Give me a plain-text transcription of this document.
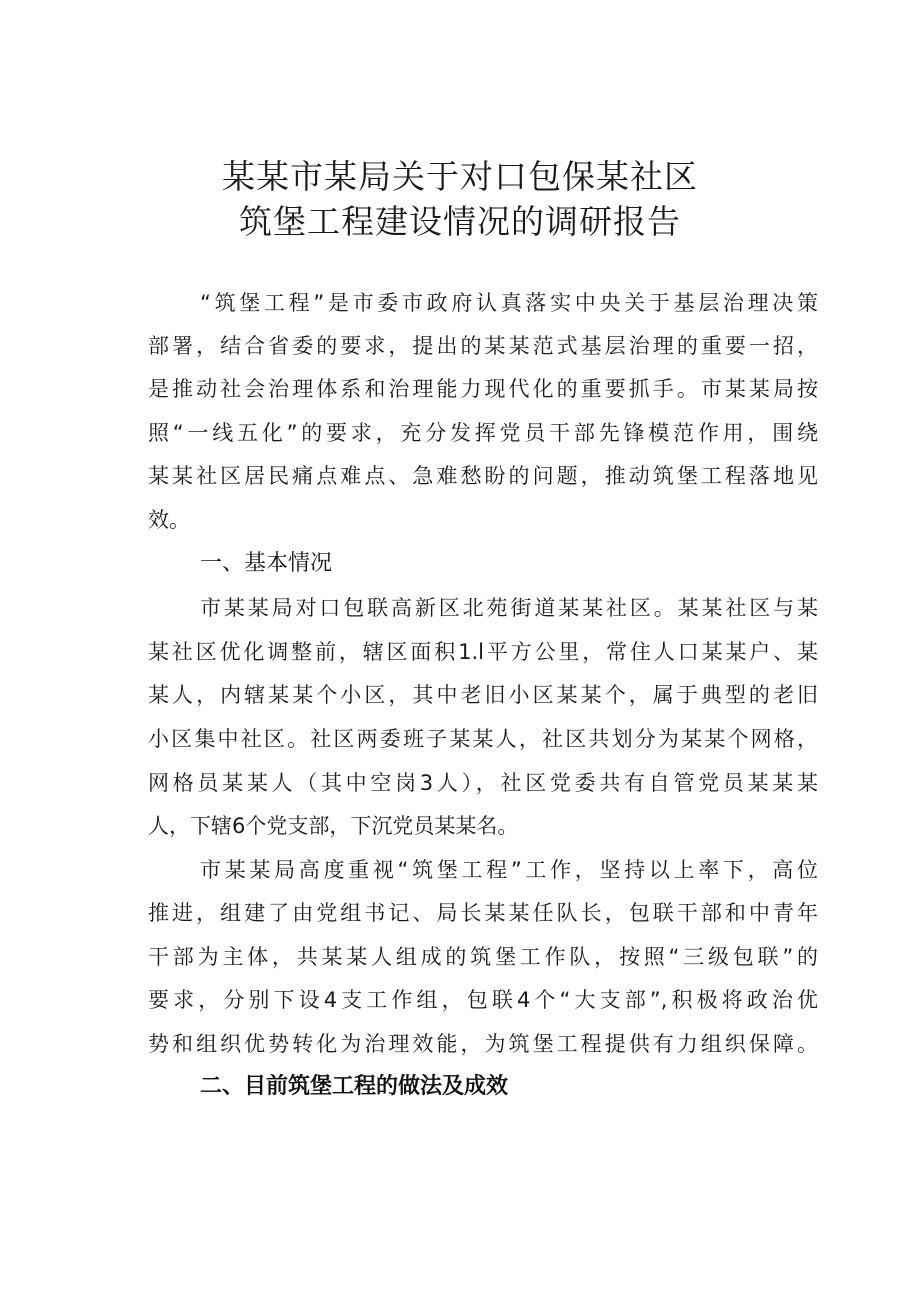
某某市某局关于对口包保某社区
筑堡工程建设情况的调研报告
“筑堡工程”是市委市政府认真落实中央关于基层治理决策
部署，结合省委的要求，提出的某某范式基层治理的重要一招，
是推动社会治理体系和治理能力现代化的重要抓手。市某某局按
照“一线五化”的要求，充分发挥党员干部先锋模范作用，围绕
某某社区居民痛点难点、急难愁盼的问题，推动筑堡工程落地见
效。
一、基本情况
市某某局对口包联高新区北苑街道某某社区。某某社区与某
某社区优化调整前，辖区面积1.l平方公里，常住人口某某户、某
某人，内辖某某个小区，其中老旧小区某某个，属于典型的老旧
小区集中社区。社区两委班子某某人，社区共划分为某某个网格，
网格员某某人（其中空岗3人），社区党委共有自管党员某某某
人，下辖6个党支部，下沉党员某某名。
市某某局高度重视“筑堡工程”工作，坚持以上率下，高位
推进，组建了由党组书记、局长某某任队长，包联干部和中青年
干部为主体，共某某人组成的筑堡工作队，按照“三级包联”的
要求，分别下设4支工作组，包联4个“大支部”,积极将政治优
势和组织优势转化为治理效能，为筑堡工程提供有力组织保障。
二、目前筑堡工程的做法及成效
